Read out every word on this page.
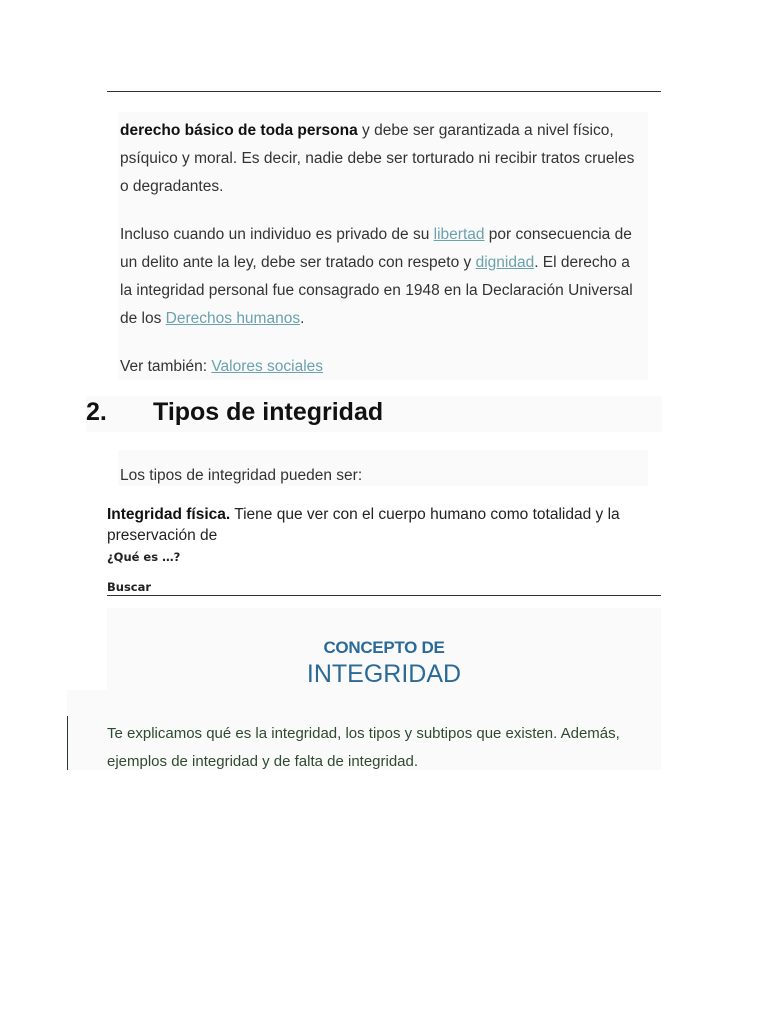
derecho básico de toda persona y debe ser garantizada a nivel físico, psíquico y moral. Es decir, nadie debe ser torturado ni recibir tratos crueles o degradantes.

Incluso cuando un individuo es privado de su libertad por consecuencia de un delito ante la ley, debe ser tratado con respeto y dignidad. El derecho a la integridad personal fue consagrado en 1948 en la Declaración Universal de los Derechos humanos.

Ver también: Valores sociales

2. Tipos de integridad

Los tipos de integridad pueden ser:

Integridad física. Tiene que ver con el cuerpo humano como totalidad y la preservación de

¿Qué es …?
Buscar
CONCEPTO DE
INTEGRIDAD

Te explicamos qué es la integridad, los tipos y subtipos que existen. Además, ejemplos de integridad y de falta de integridad.
